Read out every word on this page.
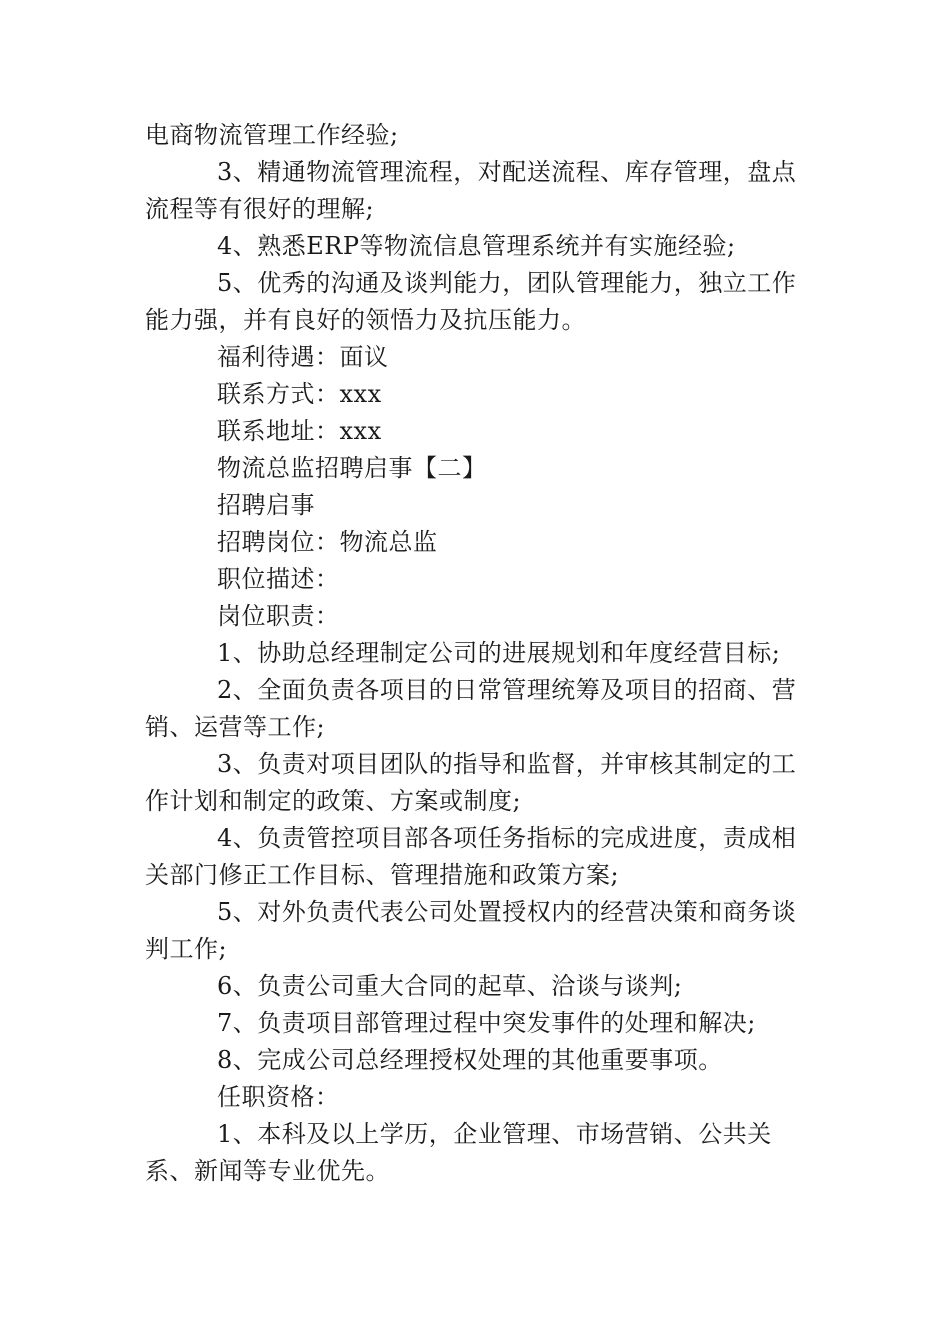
电商物流管理工作经验;

3、精通物流管理流程，对配送流程、库存管理，盘点流程等有很好的理解;

4、熟悉ERP等物流信息管理系统并有实施经验;

5、优秀的沟通及谈判能力，团队管理能力，独立工作能力强，并有良好的领悟力及抗压能力。

福利待遇：面议

联系方式：xxx

联系地址：xxx

物流总监招聘启事【二】

招聘启事

招聘岗位：物流总监

职位描述：

岗位职责：

1、协助总经理制定公司的进展规划和年度经营目标;

2、全面负责各项目的日常管理统筹及项目的招商、营销、运营等工作;

3、负责对项目团队的指导和监督，并审核其制定的工作计划和制定的政策、方案或制度;

4、负责管控项目部各项任务指标的完成进度，责成相关部门修正工作目标、管理措施和政策方案;

5、对外负责代表公司处置授权内的经营决策和商务谈判工作;

6、负责公司重大合同的起草、洽谈与谈判;

7、负责项目部管理过程中突发事件的处理和解决;

8、完成公司总经理授权处理的其他重要事项。

任职资格：

1、本科及以上学历，企业管理、市场营销、公共关系、新闻等专业优先。
